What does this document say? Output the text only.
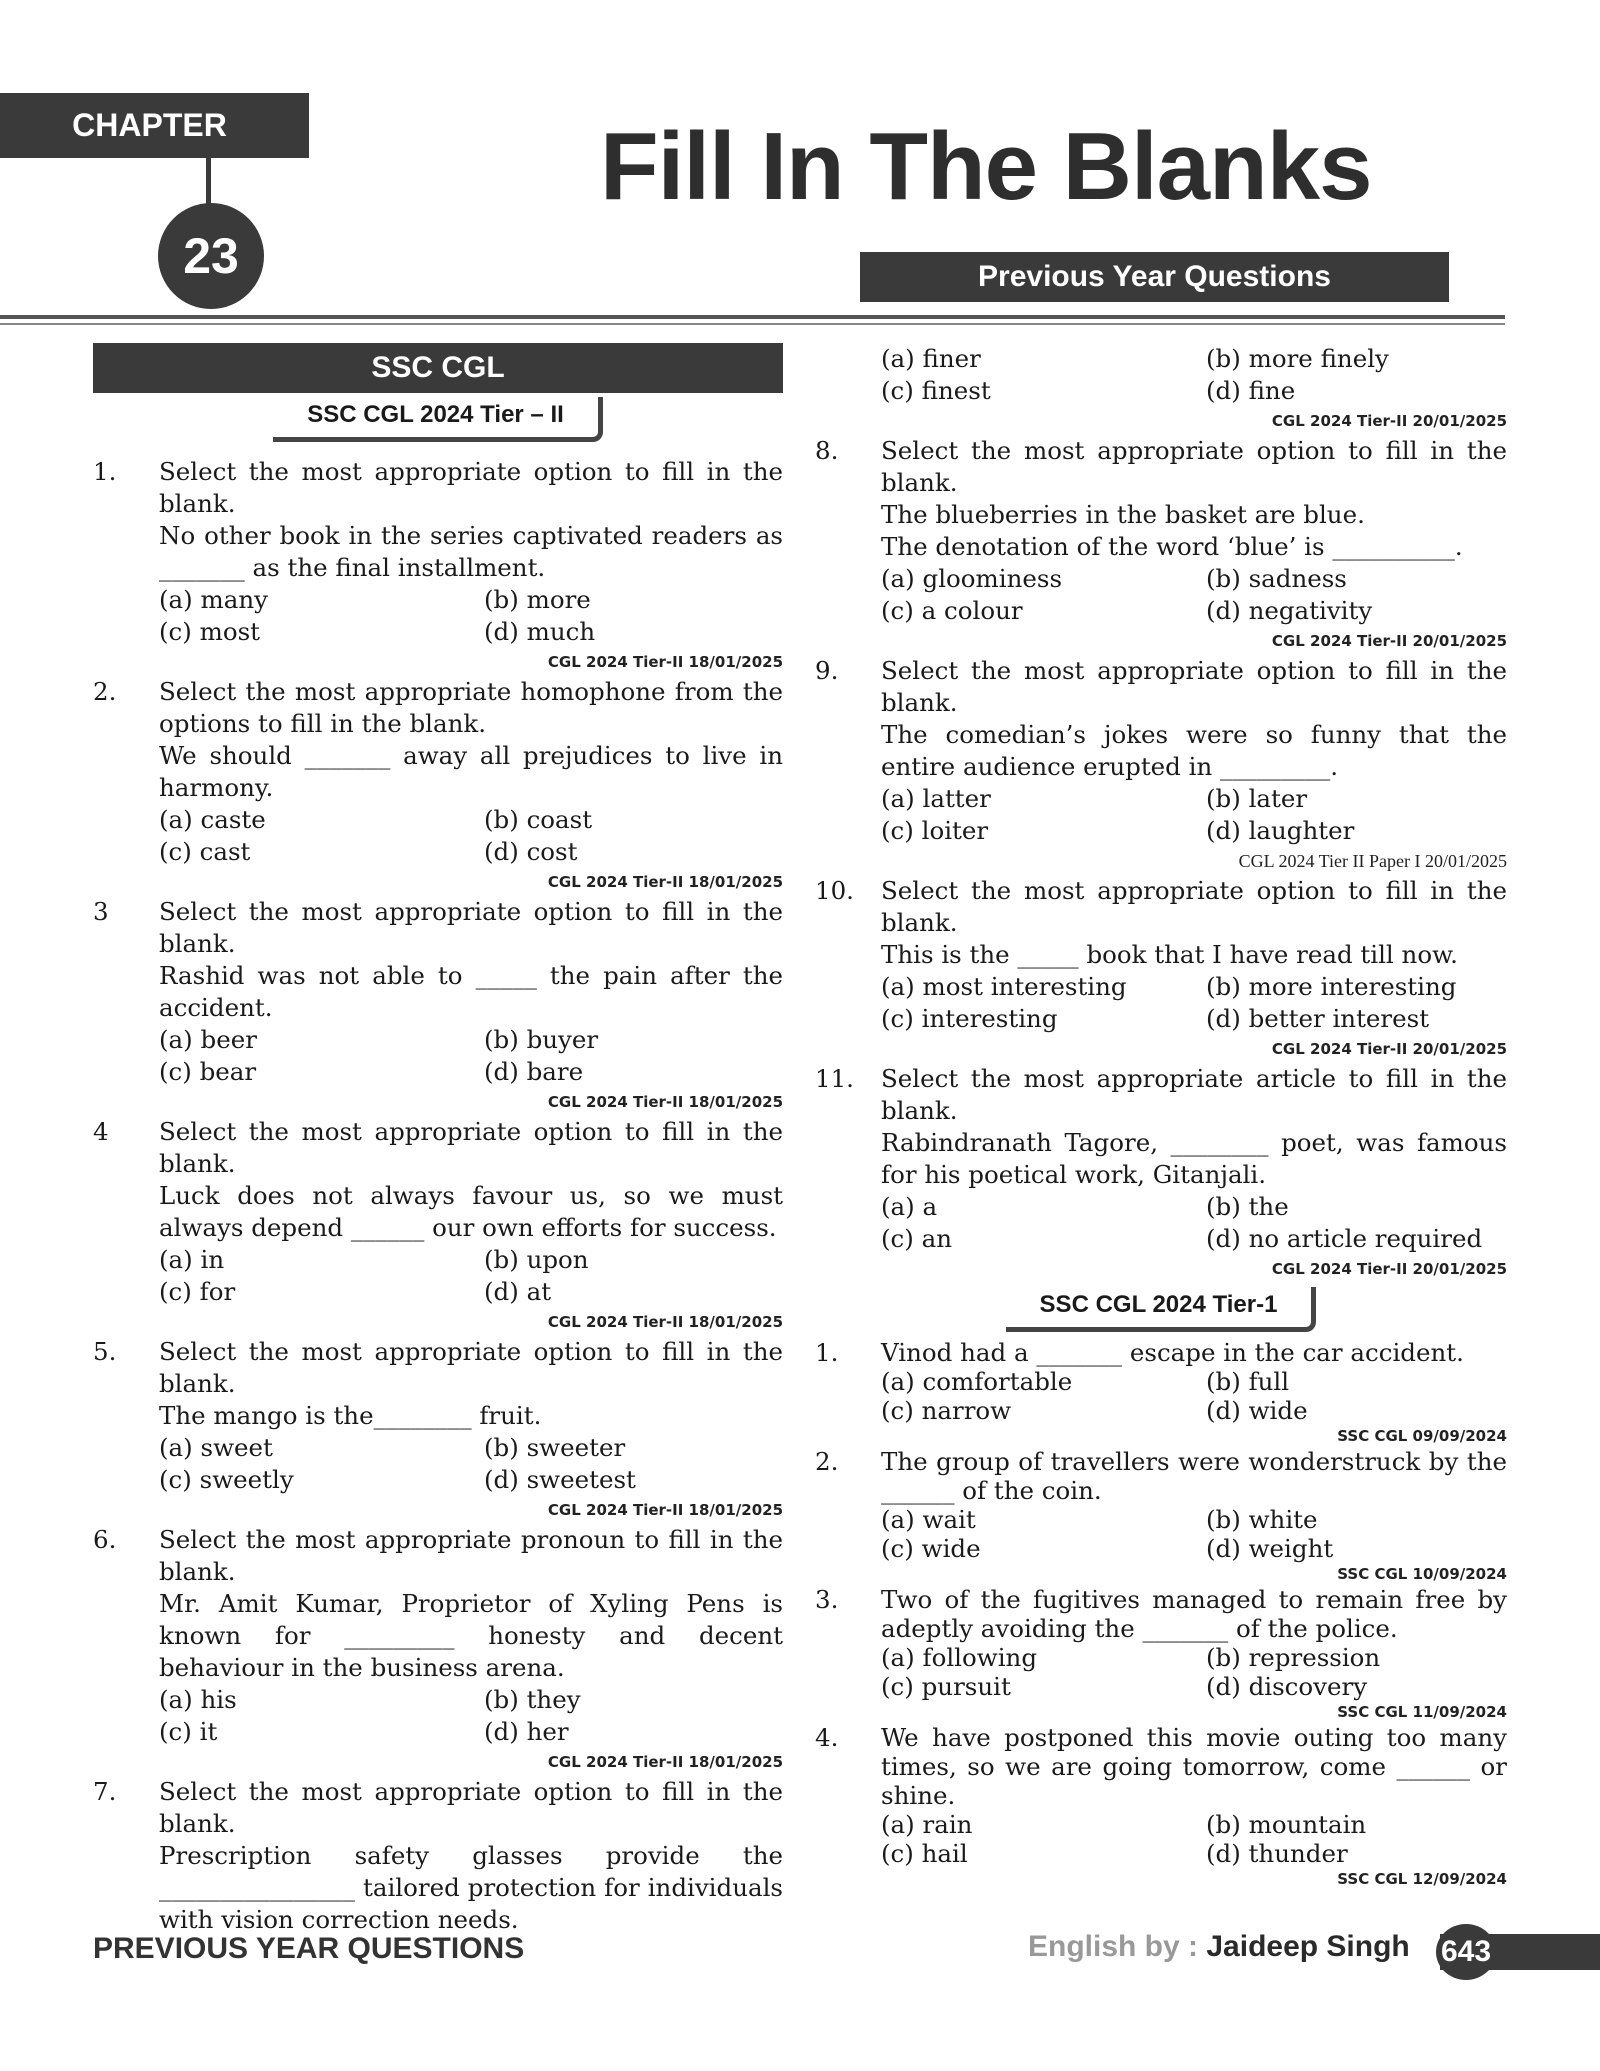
CHAPTER
23
Fill In The Blanks
Previous Year Questions
SSC CGL
SSC CGL 2024 Tier – II
1.	Select the most appropriate option to fill in the blank.
No other book in the series captivated readers as _______ as the final installment.
(a) many	(b) more
(c) most	(d) much
CGL 2024 Tier-II 18/01/2025
2.	Select the most appropriate homophone from the options to fill in the blank.
We should _______ away all prejudices to live in harmony.
(a) caste	(b) coast
(c) cast	(d) cost
CGL 2024 Tier-II 18/01/2025
3	Select the most appropriate option to fill in the blank.
Rashid was not able to _____ the pain after the accident.
(a) beer	(b) buyer
(c) bear	(d) bare
CGL 2024 Tier-II 18/01/2025
4	Select the most appropriate option to fill in the blank.
Luck does not always favour us, so we must always depend ______ our own efforts for success.
(a) in	(b) upon
(c) for	(d) at
CGL 2024 Tier-II 18/01/2025
5.	Select the most appropriate option to fill in the blank.
The mango is the________ fruit.
(a) sweet	(b) sweeter
(c) sweetly	(d) sweetest
CGL 2024 Tier-II 18/01/2025
6.	Select the most appropriate pronoun to fill in the blank.
Mr. Amit Kumar, Proprietor of Xyling Pens is known for _________ honesty and decent behaviour in the business arena.
(a) his	(b) they
(c) it	(d) her
CGL 2024 Tier-II 18/01/2025
7.	Select the most appropriate option to fill in the blank.
Prescription safety glasses provide the ________________ tailored protection for individuals with vision correction needs.
(a) finer	(b) more finely
(c) finest	(d) fine
CGL 2024 Tier-II 20/01/2025
8.	Select the most appropriate option to fill in the blank.
The blueberries in the basket are blue.
The denotation of the word ‘blue’ is __________.
(a) gloominess	(b) sadness
(c) a colour	(d) negativity
CGL 2024 Tier-II 20/01/2025
9.	Select the most appropriate option to fill in the blank.
The comedian’s jokes were so funny that the entire audience erupted in _________.
(a) latter	(b) later
(c) loiter	(d) laughter
CGL 2024 Tier II Paper I 20/01/2025
10.	Select the most appropriate option to fill in the blank.
This is the _____ book that I have read till now.
(a) most interesting	(b) more interesting
(c) interesting	(d) better interest
CGL 2024 Tier-II 20/01/2025
11.	Select the most appropriate article to fill in the blank.
Rabindranath Tagore, ________ poet, was famous for his poetical work, Gitanjali.
(a) a	(b) the
(c) an	(d) no article required
CGL 2024 Tier-II 20/01/2025
SSC CGL 2024 Tier-1
1.	Vinod had a _______ escape in the car accident.
(a) comfortable	(b) full
(c) narrow	(d) wide
SSC CGL 09/09/2024
2.	The group of travellers were wonderstruck by the ______ of the coin.
(a) wait	(b) white
(c) wide	(d) weight
SSC CGL 10/09/2024
3.	Two of the fugitives managed to remain free by adeptly avoiding the _______ of the police.
(a) following	(b) repression
(c) pursuit	(d) discovery
SSC CGL 11/09/2024
4.	We have postponed this movie outing too many times, so we are going tomorrow, come ______ or shine.
(a) rain	(b) mountain
(c) hail	(d) thunder
SSC CGL 12/09/2024
PREVIOUS YEAR QUESTIONS	English by : Jaideep Singh 643
